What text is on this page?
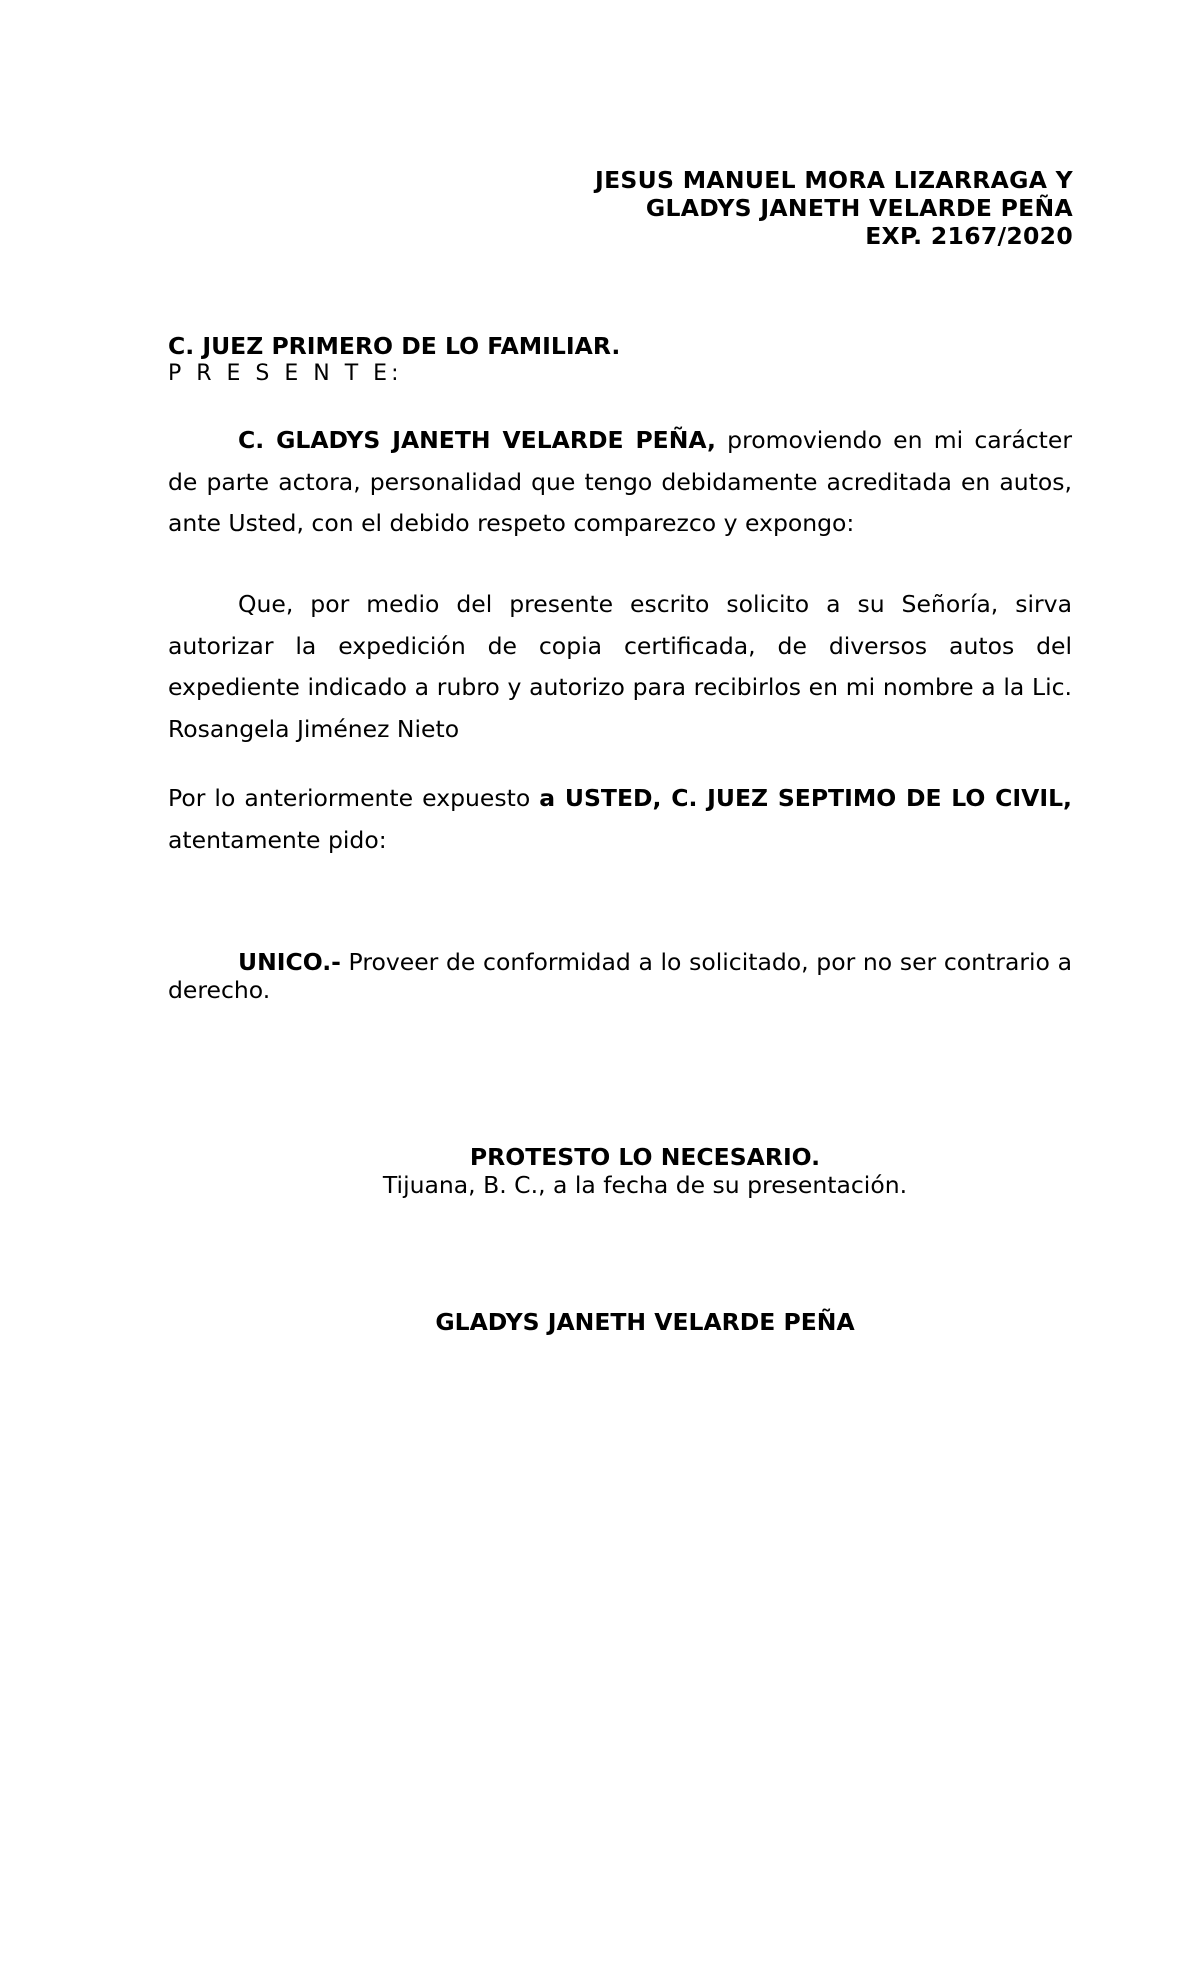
JESUS MANUEL MORA LIZARRAGA Y
GLADYS JANETH VELARDE PEÑA
EXP. 2167/2020
C. JUEZ PRIMERO DE LO FAMILIAR.
P R E S E N T E:
C. GLADYS JANETH VELARDE PEÑA, promoviendo en mi carácter de parte actora, personalidad que tengo debidamente acreditada en autos, ante Usted, con el debido respeto comparezco y expongo:
Que, por medio del presente escrito solicito a su Señoría, sirva autorizar la expedición de copia certificada, de diversos autos del expediente indicado a rubro y autorizo para recibirlos en mi nombre a la Lic. Rosangela Jiménez Nieto
Por lo anteriormente expuesto a USTED, C. JUEZ SEPTIMO DE LO CIVIL, atentamente pido:
UNICO.- Proveer de conformidad a lo solicitado, por no ser contrario a derecho.
PROTESTO LO NECESARIO.
Tijuana, B. C., a la fecha de su presentación.
GLADYS JANETH VELARDE PEÑA
